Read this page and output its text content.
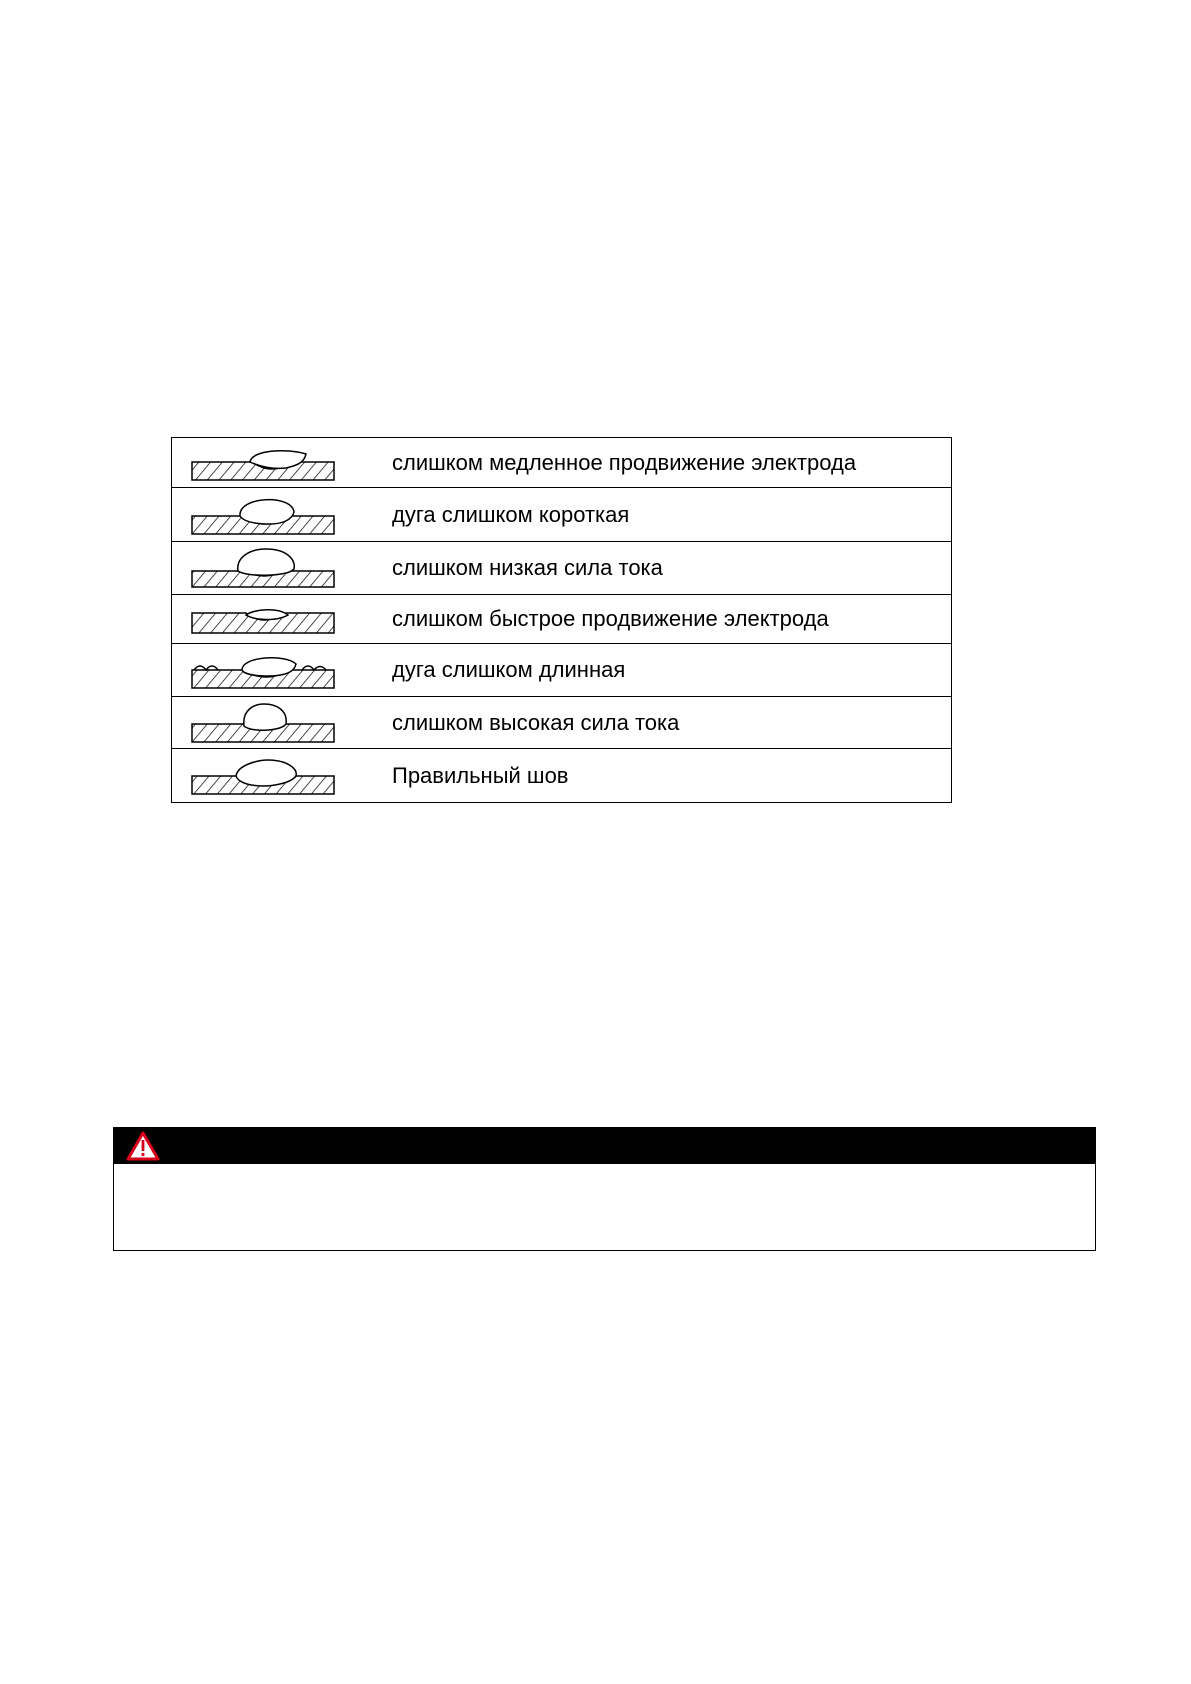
	слишком медленное продвижение электрода

	дуга слишком короткая

	слишком низкая сила тока

	слишком быстрое продвижение электрода

	дуга слишком длинная

	слишком высокая сила тока

	Правильный шов
